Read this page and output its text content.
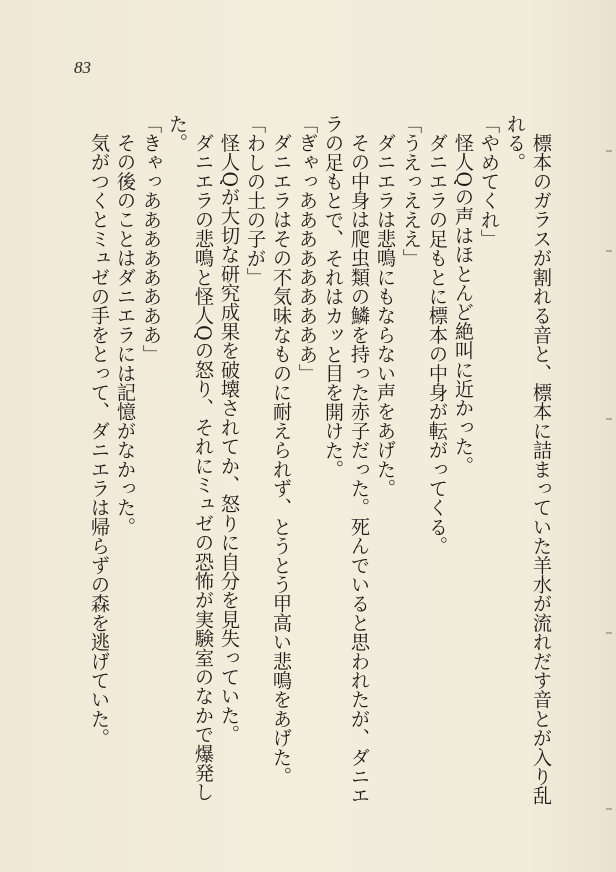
83

標本のガラスが割れる音と、標本に詰まっていた羊水が流れだす音とが入り乱れる。

「やめてくれ」

怪人Qの声はほとんど絶叫に近かった。

ダニエラの足もとに標本の中身が転がってくる。

「うえっえええ」

ダニエラは悲鳴にもならない声をあげた。

その中身は爬虫類の鱗を持った赤子だった。死んでいると思われたが、ダニエラの足もとで、それはカッと目を開けた。

「ぎゃっあああああああああ」

ダニエラはその不気味なものに耐えられず、とうとう甲高い悲鳴をあげた。

「わしの土の子が」

怪人Qが大切な研究成果を破壊されてか、怒りに自分を見失っていた。

ダニエラの悲鳴と怪人Qの怒り、それにミュゼの恐怖が実験室のなかで爆発した。

「きゃっああああああああ」

その後のことはダニエラには記憶がなかった。

気がつくとミュゼの手をとって、ダニエラは帰らずの森を逃げていた。
